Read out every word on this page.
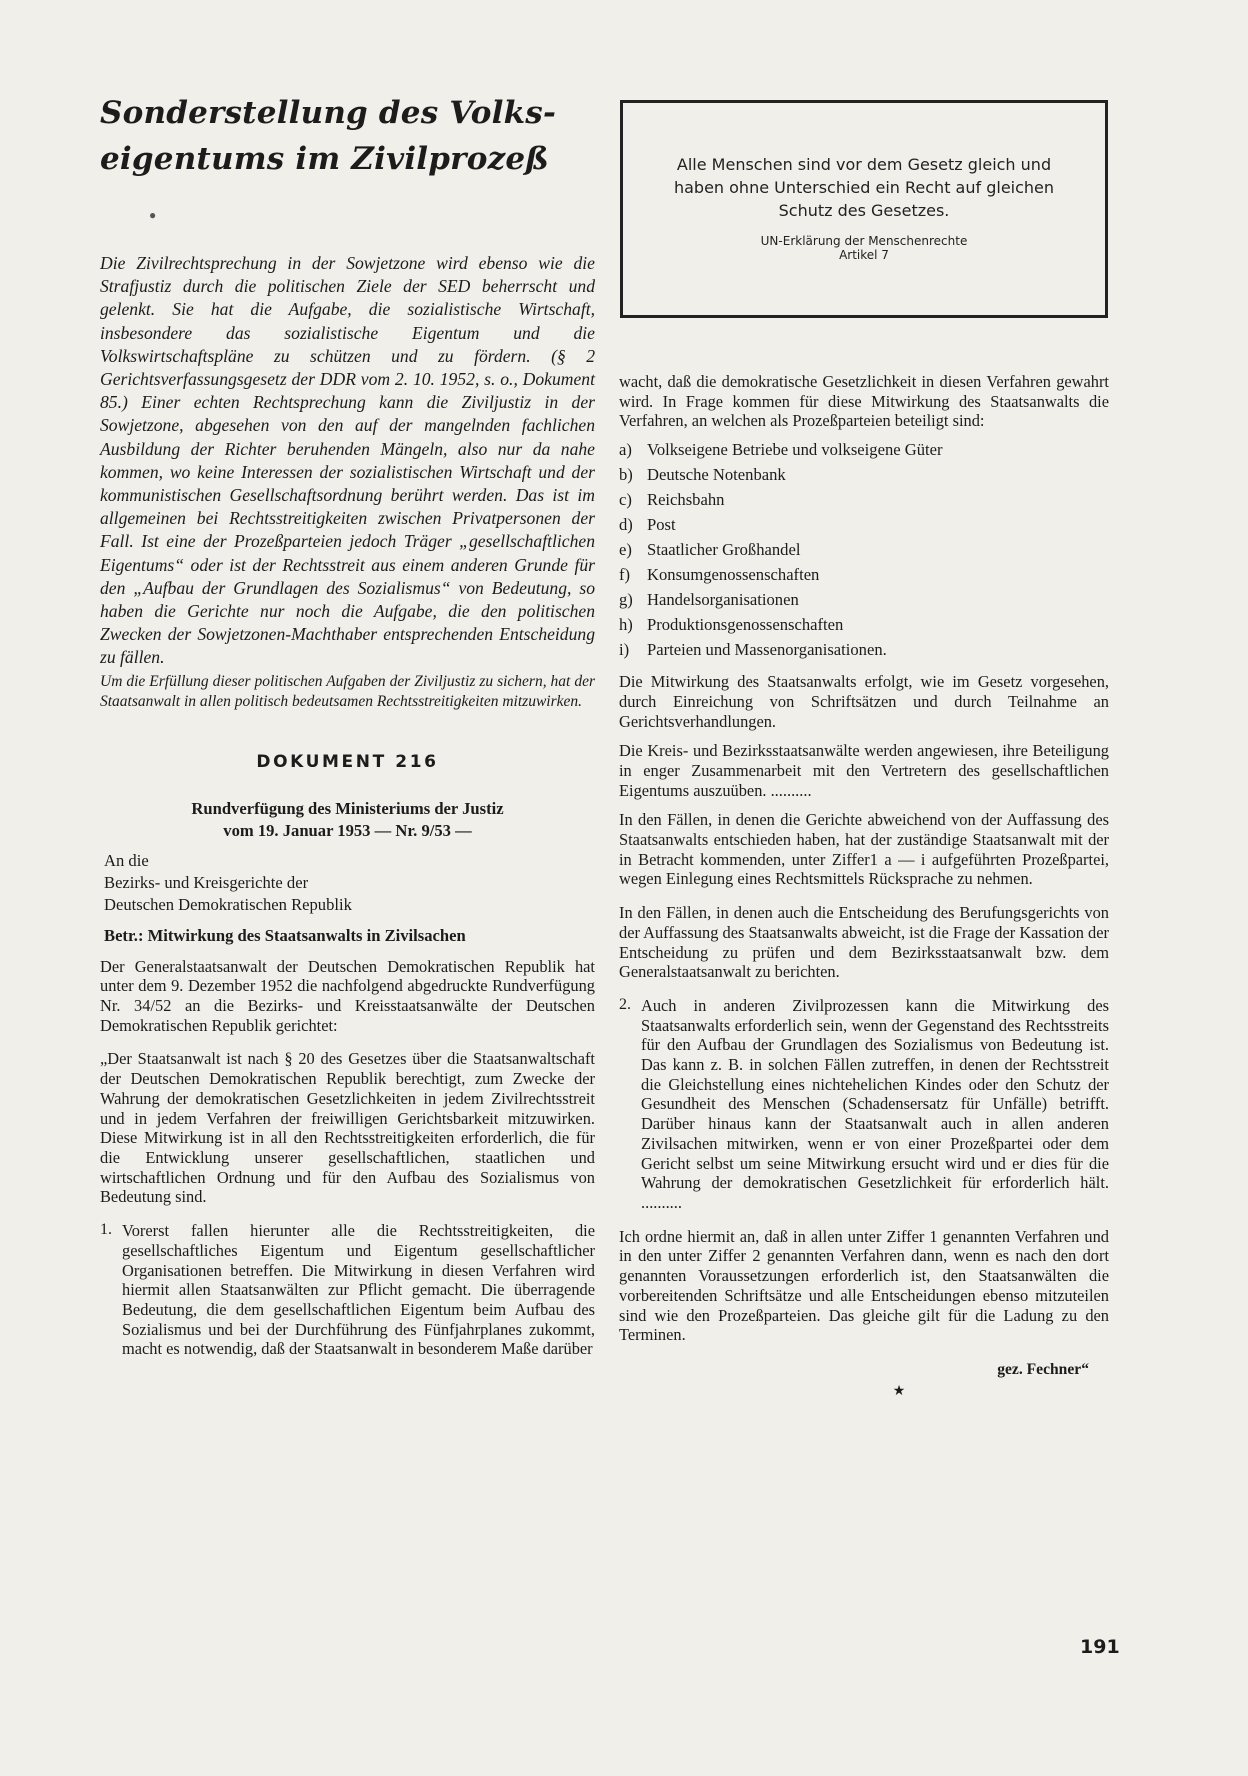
Sonderstellung des Volks-
eigentums im Zivilprozeß
●

Die Zivilrechtsprechung in der Sowjetzone wird ebenso wie die Strafjustiz durch die politischen Ziele der SED beherrscht und gelenkt. Sie hat die Aufgabe, die sozialistische Wirtschaft, insbesondere das sozialistische Eigentum und die Volkswirtschaftspläne zu schützen und zu fördern. (§ 2 Gerichtsverfassungsgesetz der DDR vom 2. 10. 1952, s. o., Dokument 85.) Einer echten Rechtsprechung kann die Ziviljustiz in der Sowjetzone, abgesehen von den auf der mangelnden fachlichen Ausbildung der Richter beruhenden Mängeln, also nur da nahe kommen, wo keine Interessen der sozialistischen Wirtschaft und der kommunistischen Gesellschaftsordnung berührt werden. Das ist im allgemeinen bei Rechtsstreitigkeiten zwischen Privatpersonen der Fall. Ist eine der Prozeßparteien jedoch Träger „gesellschaftlichen Eigentums“ oder ist der Rechtsstreit aus einem anderen Grunde für den „Aufbau der Grundlagen des Sozialismus“ von Bedeutung, so haben die Gerichte nur noch die Aufgabe, die den politischen Zwecken der Sowjetzonen-Machthaber entsprechenden Entscheidung zu fällen.

Um die Erfüllung dieser politischen Aufgaben der Ziviljustiz zu sichern, hat der Staatsanwalt in allen politisch bedeutsamen Rechtsstreitigkeiten mitzuwirken.

DOKUMENT 216
Rundverfügung des Ministeriums der Justiz
vom 19. Januar 1953 — Nr. 9/53 —
An die
Bezirks- und Kreisgerichte der
Deutschen Demokratischen Republik
Betr.: Mitwirkung des Staatsanwalts in Zivilsachen

Der Generalstaatsanwalt der Deutschen Demokratischen Republik hat unter dem 9. Dezember 1952 die nachfolgend abgedruckte Rundverfügung Nr. 34/52 an die Bezirks- und Kreisstaatsanwälte der Deutschen Demokratischen Republik gerichtet:

„Der Staatsanwalt ist nach § 20 des Gesetzes über die Staatsanwaltschaft der Deutschen Demokratischen Republik berechtigt, zum Zwecke der Wahrung der demokratischen Gesetzlichkeiten in jedem Zivilrechtsstreit und in jedem Verfahren der freiwilligen Gerichtsbarkeit mitzuwirken. Diese Mitwirkung ist in all den Rechtsstreitigkeiten erforderlich, die für die Entwicklung unserer gesellschaftlichen, staatlichen und wirtschaftlichen Ordnung und für den Aufbau des Sozialismus von Bedeutung sind.

1. Vorerst fallen hierunter alle die Rechtsstreitigkeiten, die gesellschaftliches Eigentum und Eigentum gesellschaftlicher Organisationen betreffen. Die Mitwirkung in diesen Verfahren wird hiermit allen Staatsanwälten zur Pflicht gemacht. Die überragende Bedeutung, die dem gesellschaftlichen Eigentum beim Aufbau des Sozialismus und bei der Durchführung des Fünfjahrplanes zukommt, macht es notwendig, daß der Staatsanwalt in besonderem Maße darüber

Alle Menschen sind vor dem Gesetz gleich und haben ohne Unterschied ein Recht auf gleichen Schutz des Gesetzes.
UN-Erklärung der Menschenrechte
Artikel 7

wacht, daß die demokratische Gesetzlichkeit in diesen Verfahren gewahrt wird. In Frage kommen für diese Mitwirkung des Staatsanwalts die Verfahren, an welchen als Prozeßparteien beteiligt sind:

a) Volkseigene Betriebe und volkseigene Güter
b) Deutsche Notenbank
c) Reichsbahn
d) Post
e) Staatlicher Großhandel
f)	Konsumgenossenschaften
g) Handelsorganisationen
h) Produktionsgenossenschaften
i)	Parteien und Massenorganisationen.

Die Mitwirkung des Staatsanwalts erfolgt, wie im Gesetz vorgesehen, durch Einreichung von Schriftsätzen und durch Teilnahme an Gerichtsverhandlungen.

Die Kreis- und Bezirksstaatsanwälte werden angewiesen, ihre Beteiligung in enger Zusammenarbeit mit den Vertretern des gesellschaftlichen Eigentums auszuüben. ..........

In den Fällen, in denen die Gerichte abweichend von der Auffassung des Staatsanwalts entschieden haben, hat der zuständige Staatsanwalt mit der in Betracht kommenden, unter Ziffer1 a — i aufgeführten Prozeßpartei, wegen Einlegung eines Rechtsmittels Rücksprache zu nehmen.

In den Fällen, in denen auch die Entscheidung des Berufungsgerichts von der Auffassung des Staatsanwalts abweicht, ist die Frage der Kassation der Entscheidung zu prüfen und dem Bezirksstaatsanwalt bzw. dem Generalstaatsanwalt zu berichten.

2. Auch in anderen Zivilprozessen kann die Mitwirkung des Staatsanwalts erforderlich sein, wenn der Gegenstand des Rechtsstreits für den Aufbau der Grundlagen des Sozialismus von Bedeutung ist. Das kann z. B. in solchen Fällen zutreffen, in denen der Rechtsstreit die Gleichstellung eines nichtehelichen Kindes oder den Schutz der Gesundheit des Menschen (Schadensersatz für Unfälle) betrifft. Darüber hinaus kann der Staatsanwalt auch in allen anderen Zivilsachen mitwirken, wenn er von einer Prozeßpartei oder dem Gericht selbst um seine Mitwirkung ersucht wird und er dies für die Wahrung der demokratischen Gesetzlichkeit für erforderlich hält. ..........

Ich ordne hiermit an, daß in allen unter Ziffer 1 genannten Verfahren und in den unter Ziffer 2 genannten Verfahren dann, wenn es nach den dort genannten Voraussetzungen erforderlich ist, den Staatsanwälten die vorbereitenden Schriftsätze und alle Entscheidungen ebenso mitzuteilen sind wie den Prozeßparteien. Das gleiche gilt für die Ladung zu den Terminen.

gez. Fechner“
★
191
